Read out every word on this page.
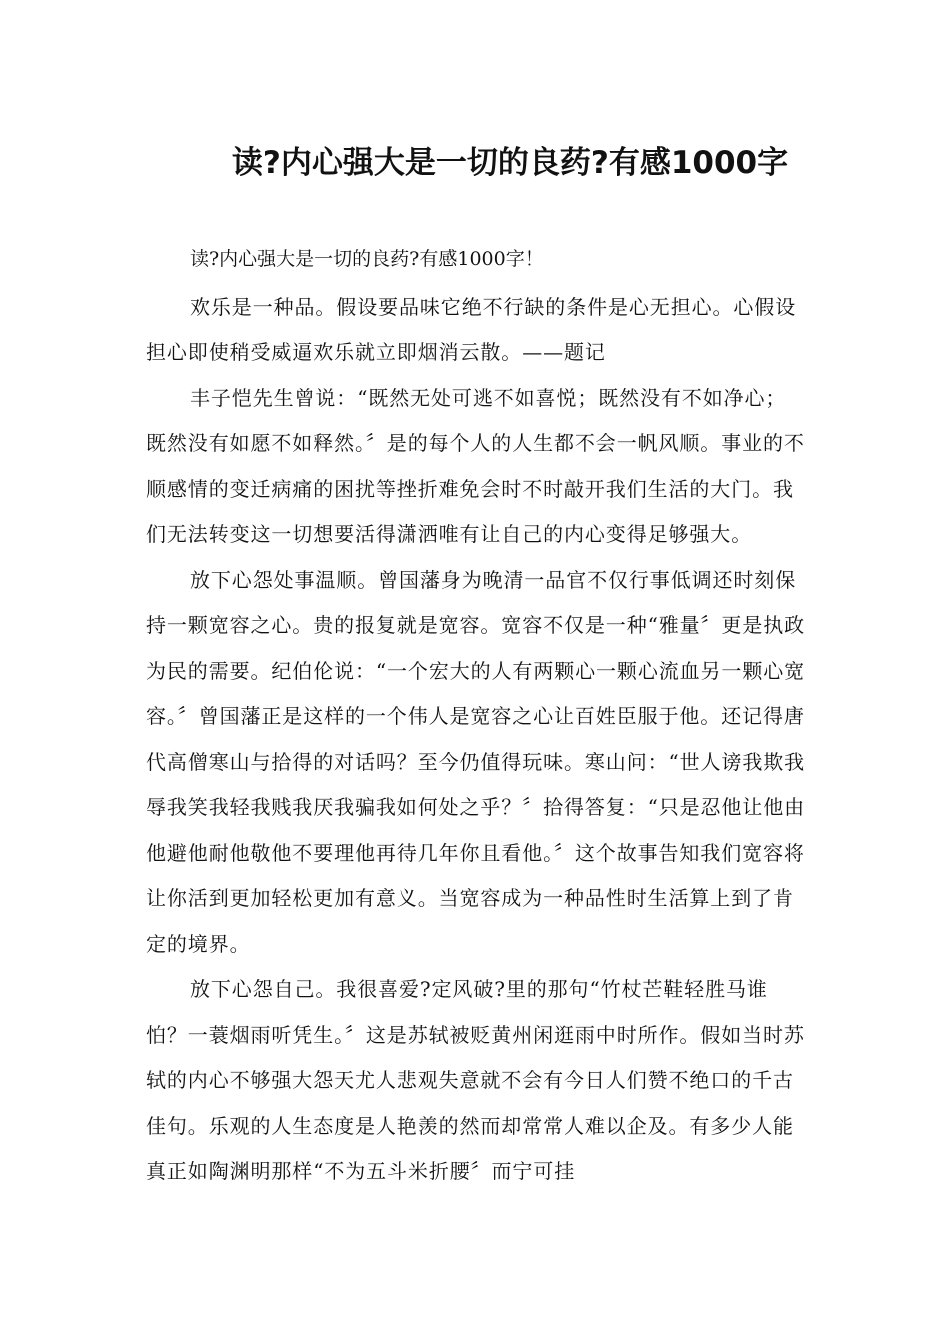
读?内心强大是一切的良药?有感1000字

读?内心强大是一切的良药?有感1000字！

欢乐是一种品。假设要品味它绝不行缺的条件是心无担心。心假设担心即使稍受威逼欢乐就立即烟消云散。——题记

丰子恺先生曾说：“既然无处可逃不如喜悦；既然没有不如净心；既然没有如愿不如释然。〞是的每个人的人生都不会一帆风顺。事业的不顺感情的变迁病痛的困扰等挫折难免会时不时敲开我们生活的大门。我们无法转变这一切想要活得潇洒唯有让自己的内心变得足够强大。

放下心怨处事温顺。曾国藩身为晚清一品官不仅行事低调还时刻保持一颗宽容之心。贵的报复就是宽容。宽容不仅是一种“雅量〞更是执政为民的需要。纪伯伦说：“一个宏大的人有两颗心一颗心流血另一颗心宽容。〞曾国藩正是这样的一个伟人是宽容之心让百姓臣服于他。还记得唐代高僧寒山与拾得的对话吗？至今仍值得玩味。寒山问：“世人谤我欺我辱我笑我轻我贱我厌我骗我如何处之乎？〞拾得答复：“只是忍他让他由他避他耐他敬他不要理他再待几年你且看他。〞这个故事告知我们宽容将让你活到更加轻松更加有意义。当宽容成为一种品性时生活算上到了肯定的境界。

放下心怨自己。我很喜爱?定风破?里的那句“竹杖芒鞋轻胜马谁怕？一蓑烟雨听凭生。〞这是苏轼被贬黄州闲逛雨中时所作。假如当时苏轼的内心不够强大怨天尤人悲观失意就不会有今日人们赞不绝口的千古佳句。乐观的人生态度是人艳羡的然而却常常人难以企及。有多少人能真正如陶渊明那样“不为五斗米折腰〞而宁可挂
